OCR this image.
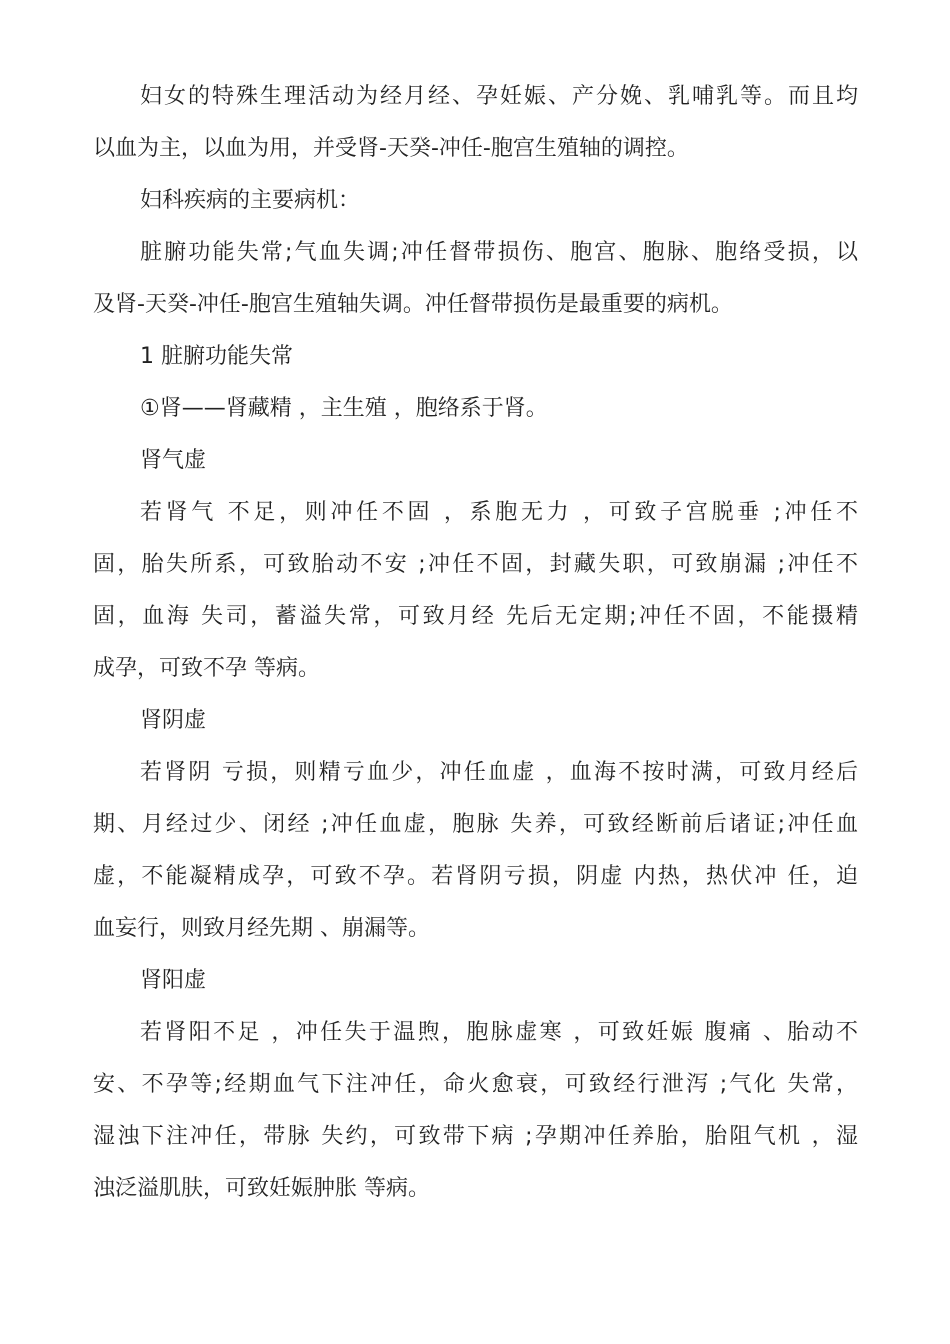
妇女的特殊生理活动为经月经、孕妊娠、产分娩、乳哺乳等。而且均
以血为主，以血为用，并受肾-天癸-冲任-胞宫生殖轴的调控。
妇科疾病的主要病机：
脏腑功能失常;气血失调;冲任督带损伤、胞宫、胞脉、胞络受损，以
及肾-天癸-冲任-胞宫生殖轴失调。冲任督带损伤是最重要的病机。
1 脏腑功能失常
①肾——肾藏精 ，主生殖 ，胞络系于肾。
肾气虚
若肾气 不足，则冲任不固 ，系胞无力 ，可致子宫脱垂 ;冲任不
固，胎失所系，可致胎动不安 ;冲任不固，封藏失职，可致崩漏 ;冲任不
固，血海 失司，蓄溢失常，可致月经 先后无定期;冲任不固，不能摄精
成孕，可致不孕 等病。
肾阴虚
若肾阴 亏损，则精亏血少，冲任血虚 ，血海不按时满，可致月经后
期、月经过少、闭经 ;冲任血虚，胞脉 失养，可致经断前后诸证;冲任血
虚，不能凝精成孕，可致不孕。若肾阴亏损，阴虚 内热，热伏冲 任，迫
血妄行，则致月经先期 、崩漏等。
肾阳虚
若肾阳不足 ，冲任失于温煦，胞脉虚寒 ，可致妊娠 腹痛 、胎动不
安、不孕等;经期血气下注冲任，命火愈衰，可致经行泄泻 ;气化 失常，
湿浊下注冲任，带脉 失约，可致带下病 ;孕期冲任养胎，胎阻气机 ，湿
浊泛溢肌肤，可致妊娠肿胀 等病。
